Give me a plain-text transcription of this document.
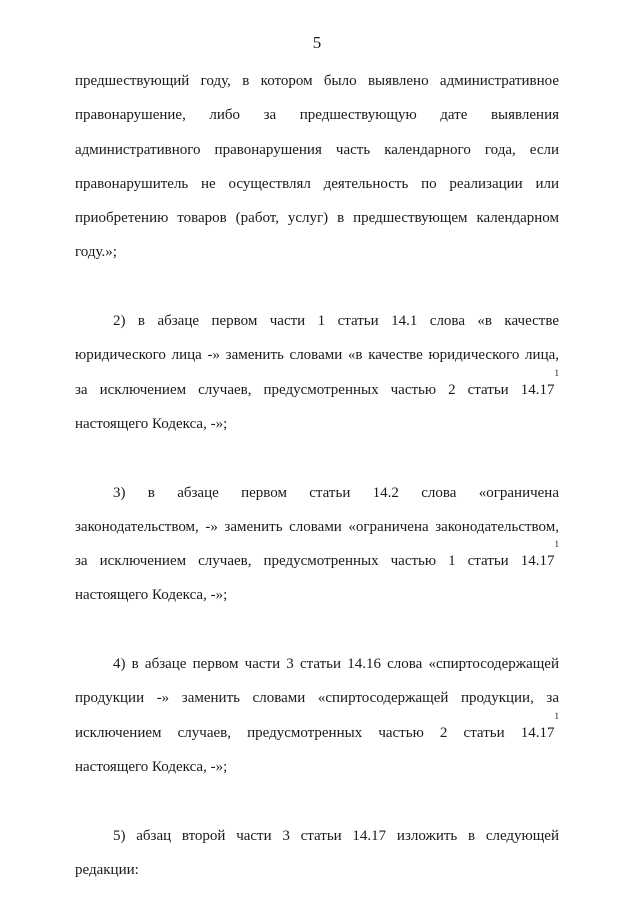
5
предшествующий году, в котором было выявлено административное
правонарушение, либо за предшествующую дате выявления
административного правонарушения часть календарного года, если
правонарушитель не осуществлял деятельность по реализации или
приобретению товаров (работ, услуг) в предшествующем календарном
году.»;
2) в абзаце первом части 1 статьи 14.1 слова «в качестве
юридического лица -» заменить словами «в качестве юридического лица,
за исключением случаев, предусмотренных частью 2 статьи 14.17
1
настоящего Кодекса, -»;
3) в абзаце первом статьи 14.2 слова «ограничена
законодательством, -» заменить словами «ограничена законодательством,
за исключением случаев, предусмотренных частью 1 статьи 14.17
1
настоящего Кодекса, -»;
4) в абзаце первом части 3 статьи 14.16 слова «спиртосодержащей
продукции -» заменить словами «спиртосодержащей продукции, за
исключением случаев, предусмотренных частью 2 статьи 14.17
1
настоящего Кодекса, -»;
5) абзац второй части 3 статьи 14.17 изложить в следующей
редакции:
